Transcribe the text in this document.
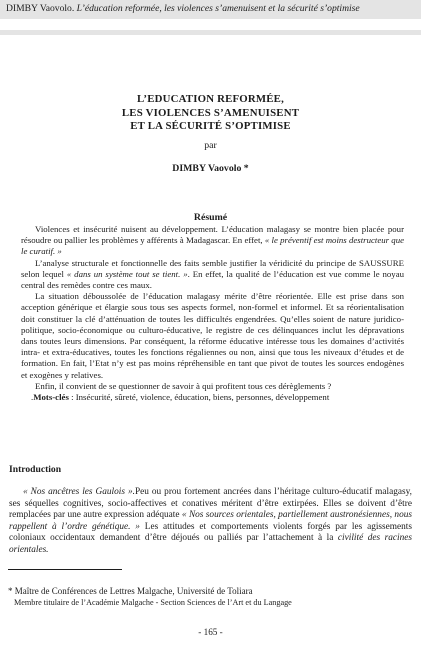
DIMBY Vaovolo. L’éducation reformée, les violences s’amenuisent et la sécurité s’optimise
L’EDUCATION REFORMÉE,
LES VIOLENCES S’AMENUISENT
ET LA SÉCURITÉ S’OPTIMISE
par
DIMBY Vaovolo *
Résumé

Violences et insécurité nuisent au développement. L’éducation malagasy se montre bien placée pour résoudre ou pallier les problèmes y afférents à Madagascar. En effet, « le préventif est moins destructeur que le curatif. »

L’analyse structurale et fonctionnelle des faits semble justifier la véridicité du principe de SAUSSURE selon lequel « dans un système tout se tient. ». En effet, la qualité de l’éducation est vue comme le noyau central des remèdes contre ces maux.

La situation déboussolée de l’éducation malagasy mérite d’être réorientée. Elle est prise dans son acception générique et élargie sous tous ses aspects formel, non-formel et informel. Et sa réorientalisation doit constituer la clé d’atténuation de toutes les difficultés engendrées. Qu’elles soient de nature juridico-politique, socio-économique ou culturo-éducative, le registre de ces délinquances inclut les dépravations dans toutes leurs dimensions. Par conséquent, la réforme éducative intéresse tous les domaines d’activités intra- et extra-éducatives, toutes les fonctions régaliennes ou non, ainsi que tous les niveaux d’études et de formation. En fait, l’Etat n’y est pas moins répréhensible en tant que pivot de toutes les sources endogènes et exogènes y relatives.

Enfin, il convient de se questionner de savoir à qui profitent tous ces dérèglements ?

.Mots-clés : Insécurité, sûreté, violence, éducation, biens, personnes, développement

Introduction

« Nos ancêtres les Gaulois ».Peu ou prou fortement ancrées dans l’héritage culturo-éducatif malagasy, ses séquelles cognitives, socio-affectives et conatives méritent d’être extirpées. Elles se doivent d’être remplacées par une autre expression adéquate « Nos sources orientales, partiellement austronésiennes, nous rappellent à l’ordre génétique. » Les attitudes et comportements violents forgés par les agissements coloniaux occidentaux demandent d’être déjoués ou palliés par l’attachement à la civilité des racines orientales.

* Maître de Conférences de Lettres Malgache, Université de Toliara
Membre titulaire de l’Académie Malgache - Section Sciences de l’Art et du Langage
- 165 -
